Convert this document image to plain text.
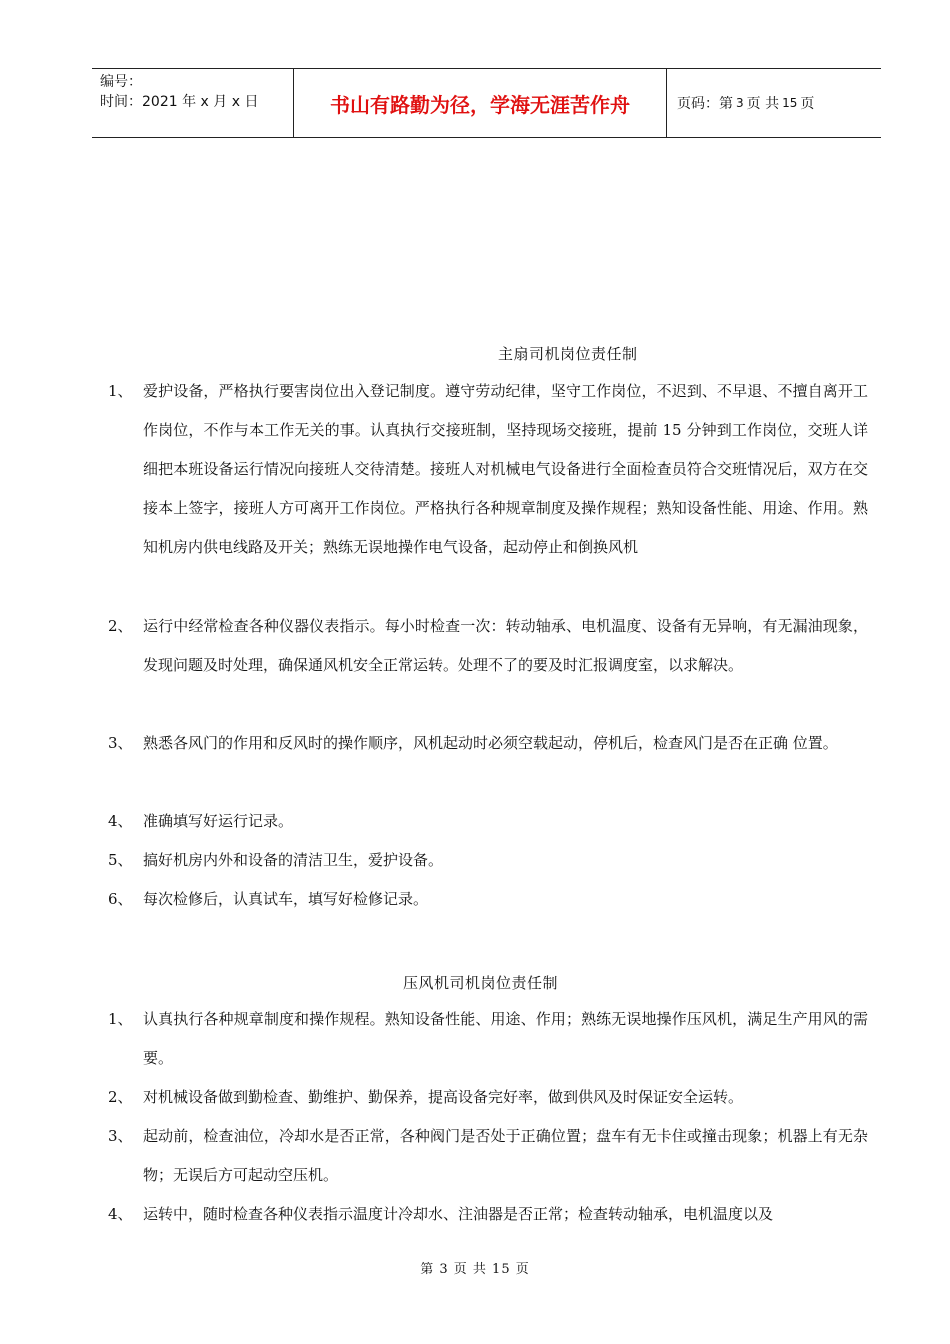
编号：
时间：2021 年 x 月 x 日	书山有路勤为径，学海无涯苦作舟	页码：第 3 页 共 15 页
主扇司机岗位责任制
1、 爱护设备，严格执行要害岗位出入登记制度。遵守劳动纪律，坚守工作岗位，不迟到、不早退、不擅自离开工作岗位，不作与本工作无关的事。认真执行交接班制，坚持现场交接班，提前 15 分钟到工作岗位，交班人详细把本班设备运行情况向接班人交待清楚。接班人对机械电气设备进行全面检查员符合交班情况后，双方在交接本上签字，接班人方可离开工作岗位。严格执行各种规章制度及操作规程；熟知设备性能、用途、作用。熟知机房内供电线路及开关；熟练无误地操作电气设备，起动停止和倒换风机
2、 运行中经常检查各种仪器仪表指示。每小时检查一次：转动轴承、电机温度、设备有无异响，有无漏油现象，发现问题及时处理，确保通风机安全正常运转。处理不了的要及时汇报调度室，以求解决。
3、 熟悉各风门的作用和反风时的操作顺序，风机起动时必须空载起动，停机后，检查风门是否在正确 位置。
4、 准确填写好运行记录。
5、 搞好机房内外和设备的清洁卫生，爱护设备。
6、 每次检修后，认真试车，填写好检修记录。
压风机司机岗位责任制
1、 认真执行各种规章制度和操作规程。熟知设备性能、用途、作用；熟练无误地操作压风机，满足生产用风的需要。
2、 对机械设备做到勤检查、勤维护、勤保养，提高设备完好率，做到供风及时保证安全运转。
3、 起动前，检查油位，冷却水是否正常，各种阀门是否处于正确位置；盘车有无卡住或撞击现象；机器上有无杂物；无误后方可起动空压机。
4、 运转中，随时检查各种仪表指示温度计冷却水、注油器是否正常；检查转动轴承，电机温度以及
第 3 页 共 15 页
